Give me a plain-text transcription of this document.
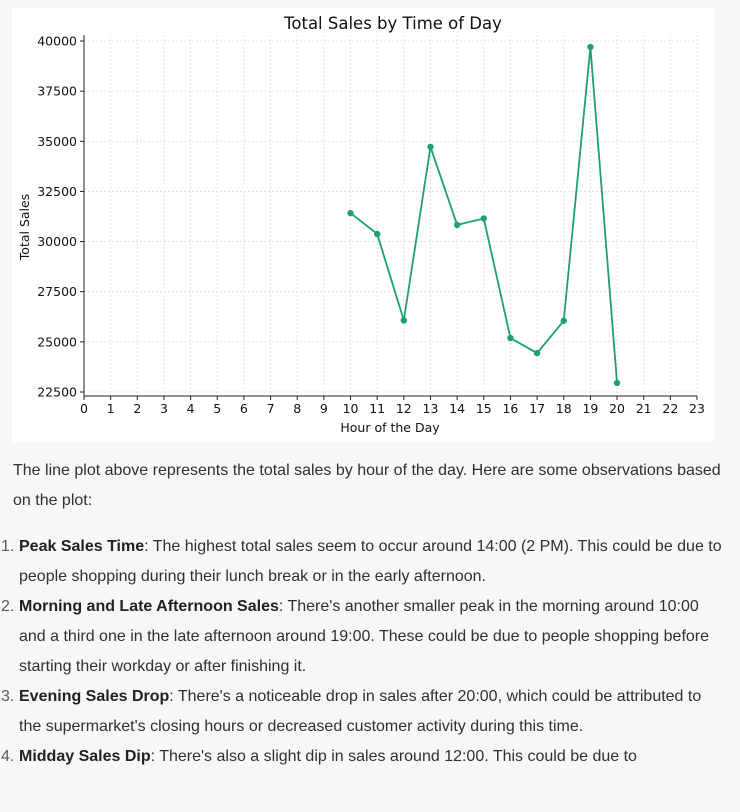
0 1 2 3 4 5 6 7 8 9 10 11 12 13 14 15 16 17 18 19 20 21 22 23
22500
25000
27500
30000
32500
35000
37500
40000
Total Sales by Time of Day
Hour of the Day
Total Sales

The line plot above represents the total sales by hour of the day. Here are some observations based on the plot:

1. Peak Sales Time: The highest total sales seem to occur around 14:00 (2 PM). This could be due to people shopping during their lunch break or in the early afternoon.
2. Morning and Late Afternoon Sales: There's another smaller peak in the morning around 10:00 and a third one in the late afternoon around 19:00. These could be due to people shopping before starting their workday or after finishing it.
3. Evening Sales Drop: There's a noticeable drop in sales after 20:00, which could be attributed to the supermarket's closing hours or decreased customer activity during this time.
4. Midday Sales Dip: There's also a slight dip in sales around 12:00. This could be due to
